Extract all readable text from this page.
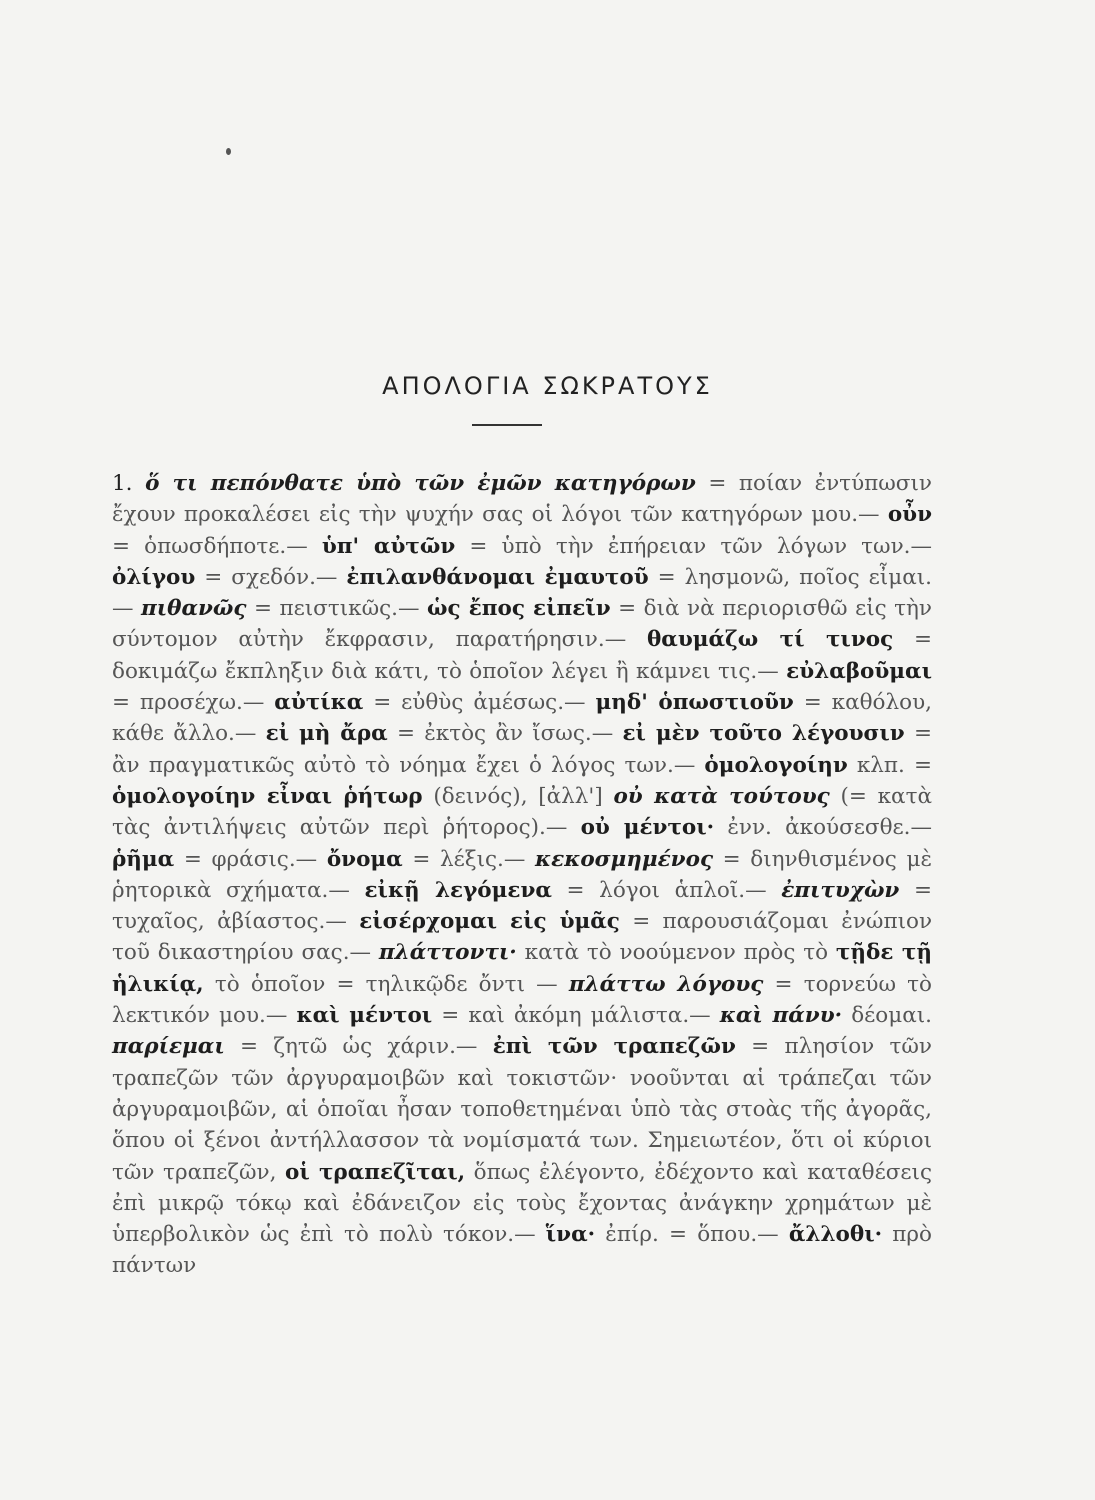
ΑΠΟΛΟΓΙΑ ΣΩΚΡΑΤΟΥΣ
1. ὅ τι πεπόνθατε ὑπὸ τῶν ἐμῶν κατηγόρων = ποίαν ἐντύπωσιν ἔχουν προκαλέσει εἰς τὴν ψυχήν σας οἱ λόγοι τῶν κατηγόρων μου.— οὖν = ὁπωσδήποτε.— ὑπ' αὐτῶν = ὑπὸ τὴν ἐπήρειαν τῶν λόγων των.— ὀλίγου = σχεδόν.— ἐπιλανθάνομαι ἐμαυτοῦ = λησμονῶ, ποῖος εἶμαι.— πιθανῶς = πειστικῶς.— ὡς ἔπος εἰπεῖν = διὰ νὰ περιορισθῶ εἰς τὴν σύντομον αὐτὴν ἔκφρασιν, παρατήρησιν.— θαυμάζω τί τινος = δοκιμάζω ἔκπληξιν διὰ κάτι, τὸ ὁποῖον λέγει ἢ κάμνει τις.— εὐλαβοῦμαι = προσέχω.— αὐτίκα = εὐθὺς ἀμέσως.— μηδ' ὁπωστιοῦν = καθόλου, κάθε ἄλλο.— εἰ μὴ ἄρα = ἐκτὸς ἂν ἴσως.— εἰ μὲν τοῦτο λέγουσιν = ἂν πραγματικῶς αὐτὸ τὸ νόημα ἔχει ὁ λόγος των.— ὁμολογοίην κλπ. = ὁμολογοίην εἶναι ῥήτωρ (δεινός), [ἀλλ'] οὐ κατὰ τούτους (= κατὰ τὰς ἀντιλήψεις αὐτῶν περὶ ῥήτορος).— οὐ μέντοι· ἐνν. ἀκούσεσθε.— ῥῆμα = φράσις.— ὄνομα = λέξις.— κεκοσμημένος = διηνθισμένος μὲ ῥητορικὰ σχήματα.— εἰκῇ λεγόμενα = λόγοι ἁπλοῖ.— ἐπιτυχὼν = τυχαῖος, ἀβίαστος.— εἰσέρχομαι εἰς ὑμᾶς = παρουσιάζομαι ἐνώπιον τοῦ δικαστηρίου σας.— πλάττοντι· κατὰ τὸ νοούμενον πρὸς τὸ τῇδε τῇ ἡλικίᾳ, τὸ ὁποῖον = τηλικῷδε ὄντι — πλάττω λόγους = τορνεύω τὸ λεκτικόν μου.— καὶ μέντοι = καὶ ἀκόμη μάλιστα.— καὶ πάνυ· δέομαι. παρίεμαι = ζητῶ ὡς χάριν.— ἐπὶ τῶν τραπεζῶν = πλησίον τῶν τραπεζῶν τῶν ἀργυραμοιβῶν καὶ τοκιστῶν· νοοῦνται αἱ τράπεζαι τῶν ἀργυραμοιβῶν, αἱ ὁποῖαι ἦσαν τοποθετημέναι ὑπὸ τὰς στοὰς τῆς ἀγορᾶς, ὅπου οἱ ξένοι ἀντήλλασσον τὰ νομίσματά των. Σημειωτέον, ὅτι οἱ κύριοι τῶν τραπεζῶν, οἱ τραπεζῖται, ὅπως ἐλέγοντο, ἐδέχοντο καὶ καταθέσεις ἐπὶ μικρῷ τόκῳ καὶ ἐδάνειζον εἰς τοὺς ἔχοντας ἀνάγκην χρημάτων μὲ ὑπερβολικὸν ὡς ἐπὶ τὸ πολὺ τόκον.— ἵνα· ἐπίρ. = ὅπου.— ἄλλοθι· πρὸ πάντων
